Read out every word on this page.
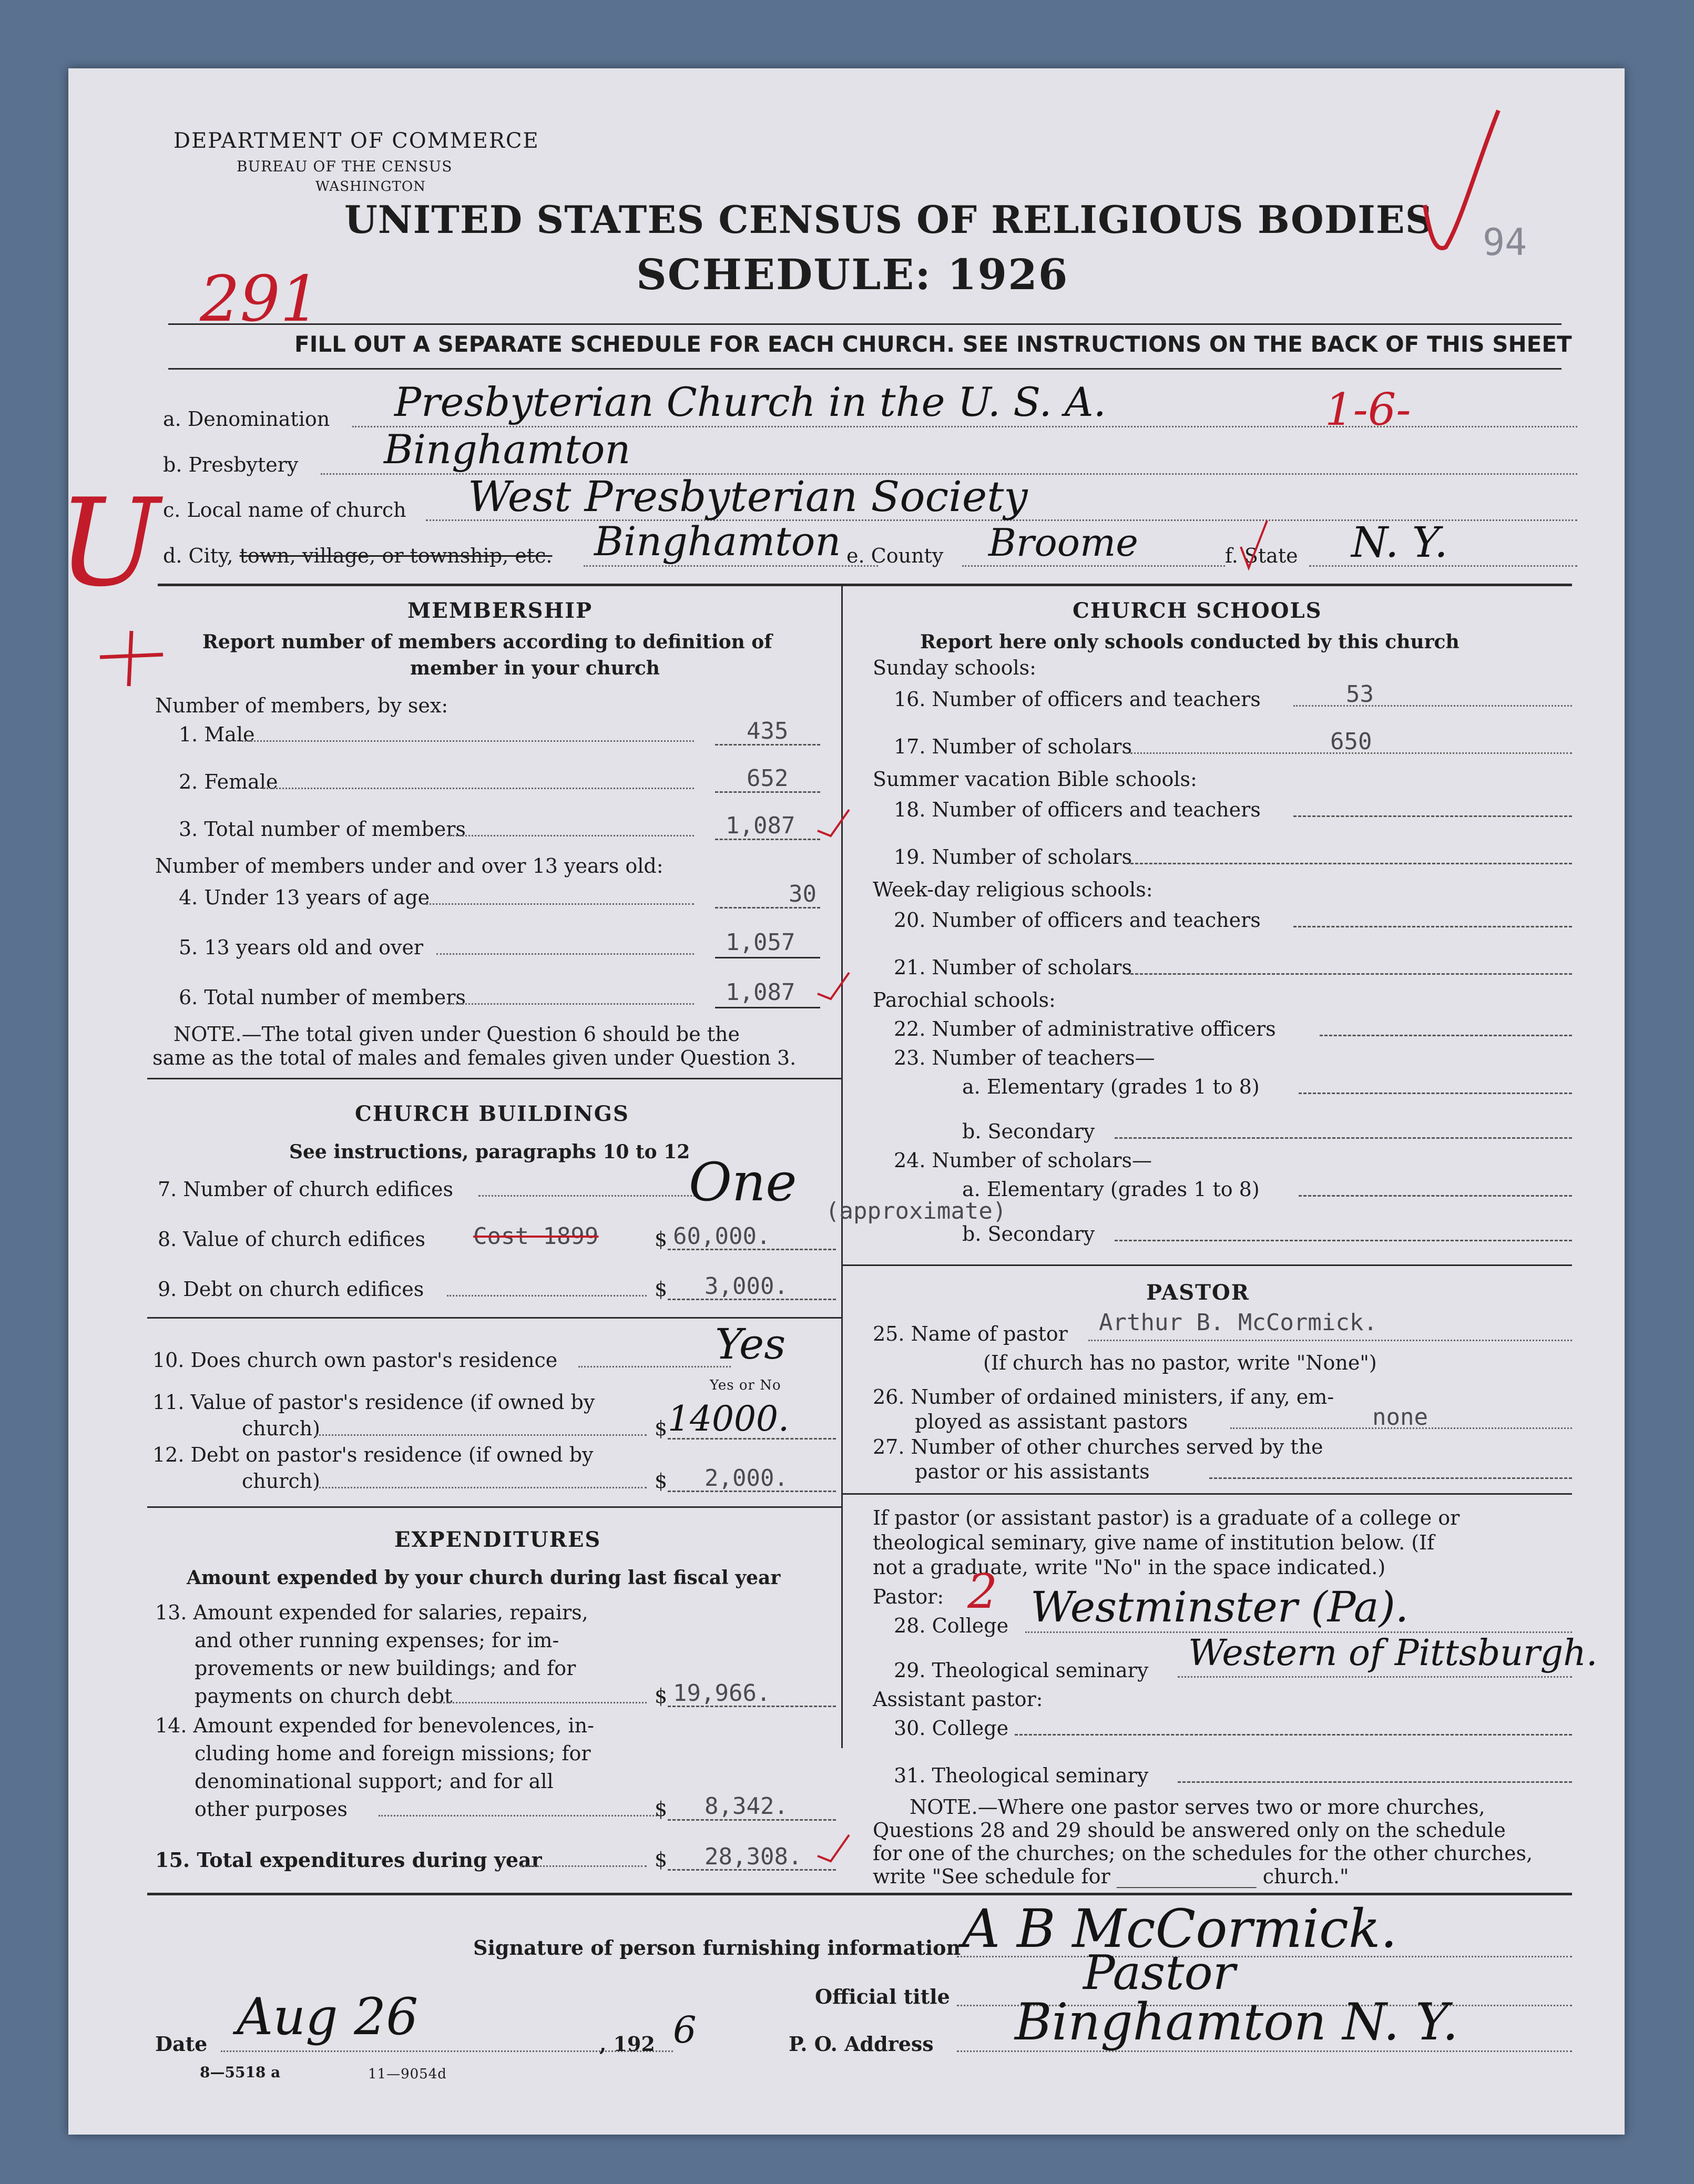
DEPARTMENT OF COMMERCE
BUREAU OF THE CENSUS
WASHINGTON
UNITED STATES CENSUS OF RELIGIOUS BODIES
SCHEDULE: 1926
291
94
FILL OUT A SEPARATE SCHEDULE FOR EACH CHURCH. SEE INSTRUCTIONS ON THE BACK OF THIS SHEET
a. Denomination Presbyterian Church in the U. S. A.	1-6-
b. Presbytery Binghamton
c. Local name of church West Presbyterian Society
U d. City, town, village, or township, etc. Binghamton e. County Broome	f. State N. Y.
MEMBERSHIP
Report number of members according to definition of
member in your church
Number of members, by sex:
1. Male	435
2. Female	652
3. Total number of members	1,087
Number of members under and over 13 years old:
4. Under 13 years of age	30
5. 13 years old and over	1,057
6. Total number of members	1,087
NOTE.—The total given under Question 6 should be the
same as the total of males and females given under Question 3.
CHURCH BUILDINGS
See instructions, paragraphs 10 to 12
7. Number of church edifices	One
8. Value of church edifices Cost 1899	$ 60,000.
(approximate)
9. Debt on church edifices	$ 3,000.
10. Does church own pastor's residence	Yes
Yes or No
11. Value of pastor's residence (if owned by
church)	$ 14000.
12. Debt on pastor's residence (if owned by
church)	$ 2,000.
EXPENDITURES
Amount expended by your church during last fiscal year
13. Amount expended for salaries, repairs,
and other running expenses; for im-
provements or new buildings; and for
payments on church debt	$ 19,966.
14. Amount expended for benevolences, in-
cluding home and foreign missions; for
denominational support; and for all
other purposes	$ 8,342.
15. Total expenditures during year	$ 28,308.
CHURCH SCHOOLS
Report here only schools conducted by this church
Sunday schools:
16. Number of officers and teachers	53
17. Number of scholars	650
Summer vacation Bible schools:
18. Number of officers and teachers
19. Number of scholars
Week-day religious schools:
20. Number of officers and teachers
21. Number of scholars
Parochial schools:
22. Number of administrative officers
23. Number of teachers—
a. Elementary (grades 1 to 8)
b. Secondary
24. Number of scholars—
a. Elementary (grades 1 to 8)
b. Secondary
PASTOR
25. Name of pastor Arthur B. McCormick.
(If church has no pastor, write "None")
26. Number of ordained ministers, if any, em-
ployed as assistant pastors	none
27. Number of other churches served by the
pastor or his assistants
If pastor (or assistant pastor) is a graduate of a college or
theological seminary, give name of institution below. (If
not a graduate, write "No" in the space indicated.)
Pastor: 2
28. College Westminster (Pa).
29. Theological seminary Western of Pittsburgh.
Assistant pastor:
30. College
31. Theological seminary
NOTE.—Where one pastor serves two or more churches,
Questions 28 and 29 should be answered only on the schedule
for one of the churches; on the schedules for the other churches,
write "See schedule for ______________ church."
Signature of person furnishing information A B McCormick.
Official title	Pastor
Date Aug 26	, 192 6	P. O. Address Binghamton N. Y.
8—5518 a	11—9054d
